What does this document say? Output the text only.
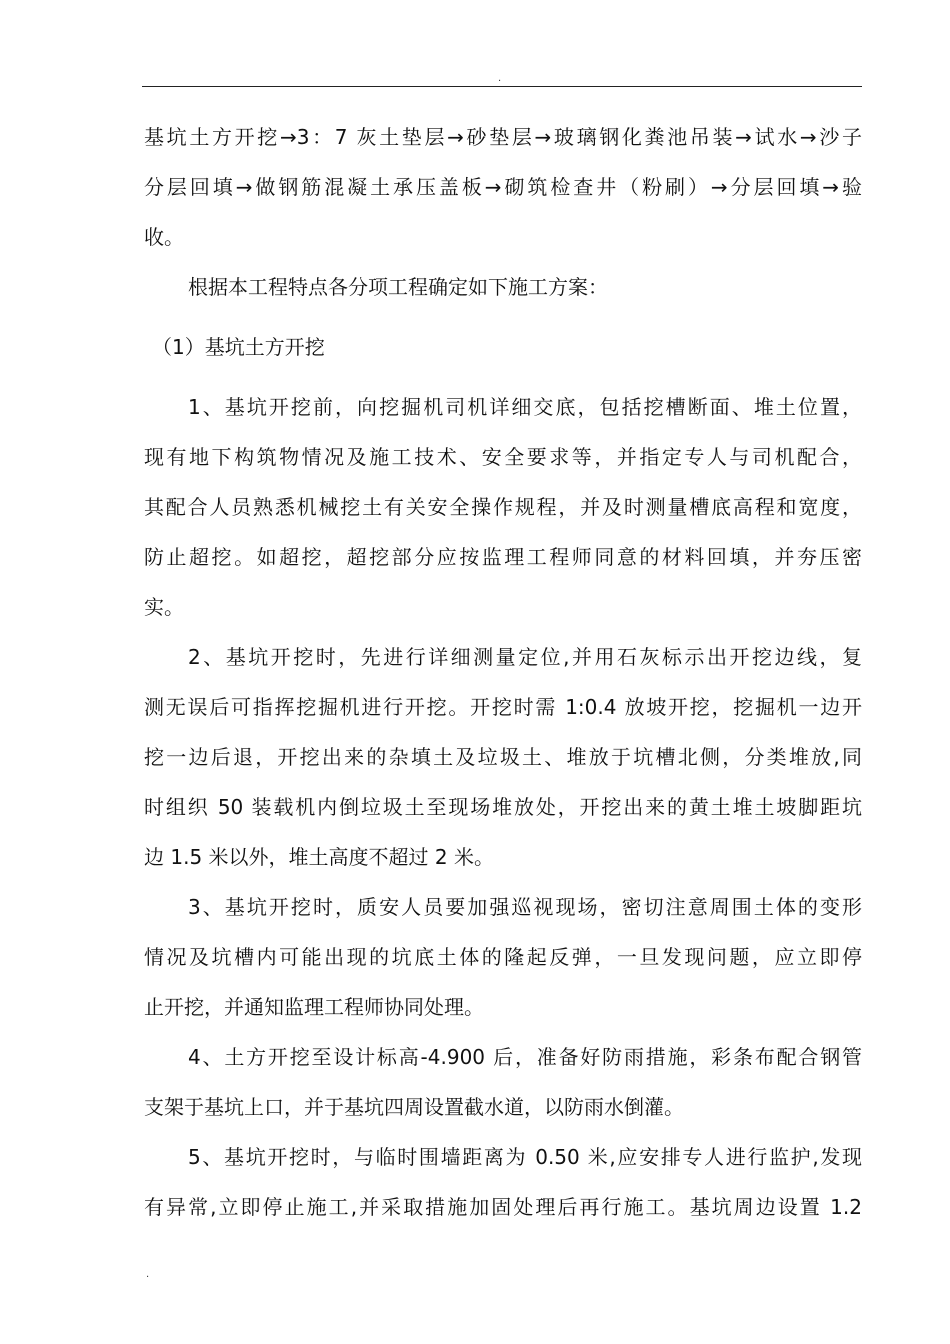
.
基坑土方开挖→3：7 灰土垫层→砂垫层→玻璃钢化粪池吊装→试水→沙子
分层回填→做钢筋混凝土承压盖板→砌筑检查井（粉刷）→分层回填→验
收。
根据本工程特点各分项工程确定如下施工方案：
（1）基坑土方开挖
1、基坑开挖前，向挖掘机司机详细交底，包括挖槽断面、堆土位置，
现有地下构筑物情况及施工技术、安全要求等，并指定专人与司机配合，
其配合人员熟悉机械挖土有关安全操作规程，并及时测量槽底高程和宽度，
防止超挖。如超挖，超挖部分应按监理工程师同意的材料回填，并夯压密
实。
2、基坑开挖时，先进行详细测量定位,并用石灰标示出开挖边线，复
测无误后可指挥挖掘机进行开挖。开挖时需 1:0.4 放坡开挖，挖掘机一边开
挖一边后退，开挖出来的杂填土及垃圾土、堆放于坑槽北侧，分类堆放,同
时组织 50 装载机内倒垃圾土至现场堆放处，开挖出来的黄土堆土坡脚距坑
边 1.5 米以外，堆土高度不超过 2 米。
3、基坑开挖时，质安人员要加强巡视现场，密切注意周围土体的变形
情况及坑槽内可能出现的坑底土体的隆起反弹，一旦发现问题，应立即停
止开挖，并通知监理工程师协同处理。
4、土方开挖至设计标高-4.900 后，准备好防雨措施，彩条布配合钢管
支架于基坑上口，并于基坑四周设置截水道，以防雨水倒灌。
5、基坑开挖时，与临时围墙距离为 0.50 米,应安排专人进行监护,发现
有异常,立即停止施工,并采取措施加固处理后再行施工。基坑周边设置 1.2
.
